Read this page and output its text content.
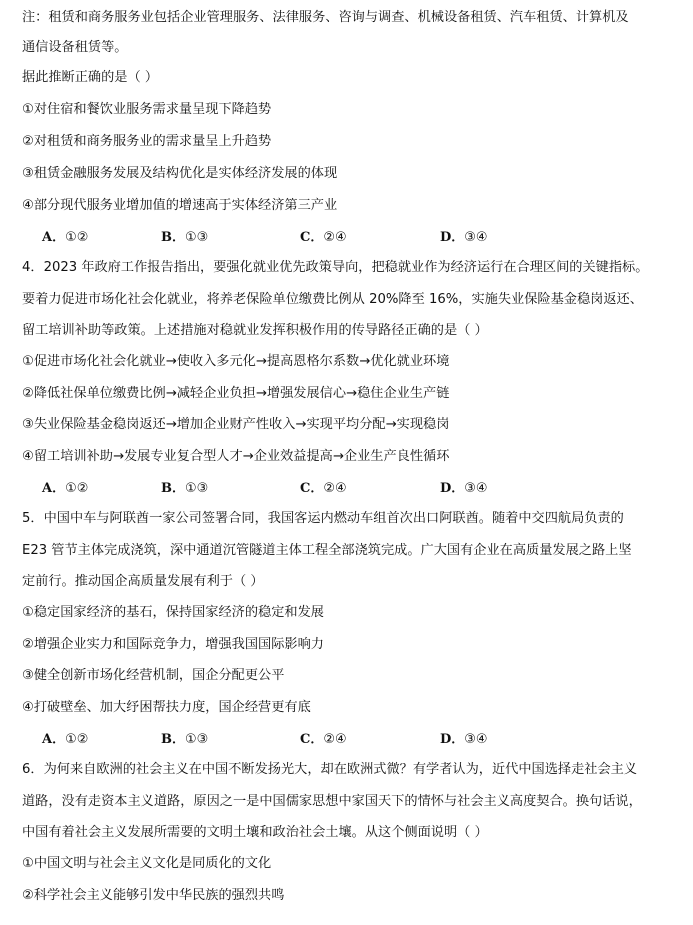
注：租赁和商务服务业包括企业管理服务、法律服务、咨询与调查、机械设备租赁、汽车租赁、计算机及
通信设备租赁等。
据此推断正确的是（ ）
①对住宿和餐饮业服务需求量呈现下降趋势
②对租赁和商务服务业的需求量呈上升趋势
③租赁金融服务发展及结构优化是实体经济发展的体现
④部分现代服务业增加值的增速高于实体经济第三产业
A．①②	B．①③	C．②④	D．③④
4．2023 年政府工作报告指出，要强化就业优先政策导向，把稳就业作为经济运行在合理区间的关键指标。
要着力促进市场化社会化就业，将养老保险单位缴费比例从 20%降至 16%，实施失业保险基金稳岗返还、
留工培训补助等政策。上述措施对稳就业发挥积极作用的传导路径正确的是（ ）
①促进市场化社会化就业→使收入多元化→提高恩格尔系数→优化就业环境
②降低社保单位缴费比例→减轻企业负担→增强发展信心→稳住企业生产链
③失业保险基金稳岗返还→增加企业财产性收入→实现平均分配→实现稳岗
④留工培训补助→发展专业复合型人才→企业效益提高→企业生产良性循环
A．①②	B．①③	C．②④	D．③④
5．中国中车与阿联酋一家公司签署合同，我国客运内燃动车组首次出口阿联酋。随着中交四航局负责的
E23 管节主体完成浇筑，深中通道沉管隧道主体工程全部浇筑完成。广大国有企业在高质量发展之路上坚
定前行。推动国企高质量发展有利于（ ）
①稳定国家经济的基石，保持国家经济的稳定和发展
②增强企业实力和国际竞争力，增强我国国际影响力
③健全创新市场化经营机制，国企分配更公平
④打破壁垒、加大纾困帮扶力度，国企经营更有底
A．①②	B．①③	C．②④	D．③④
6．为何来自欧洲的社会主义在中国不断发扬光大，却在欧洲式微？有学者认为，近代中国选择走社会主义
道路，没有走资本主义道路，原因之一是中国儒家思想中家国天下的情怀与社会主义高度契合。换句话说，
中国有着社会主义发展所需要的文明土壤和政治社会土壤。从这个侧面说明（ ）
①中国文明与社会主义文化是同质化的文化
②科学社会主义能够引发中华民族的强烈共鸣
